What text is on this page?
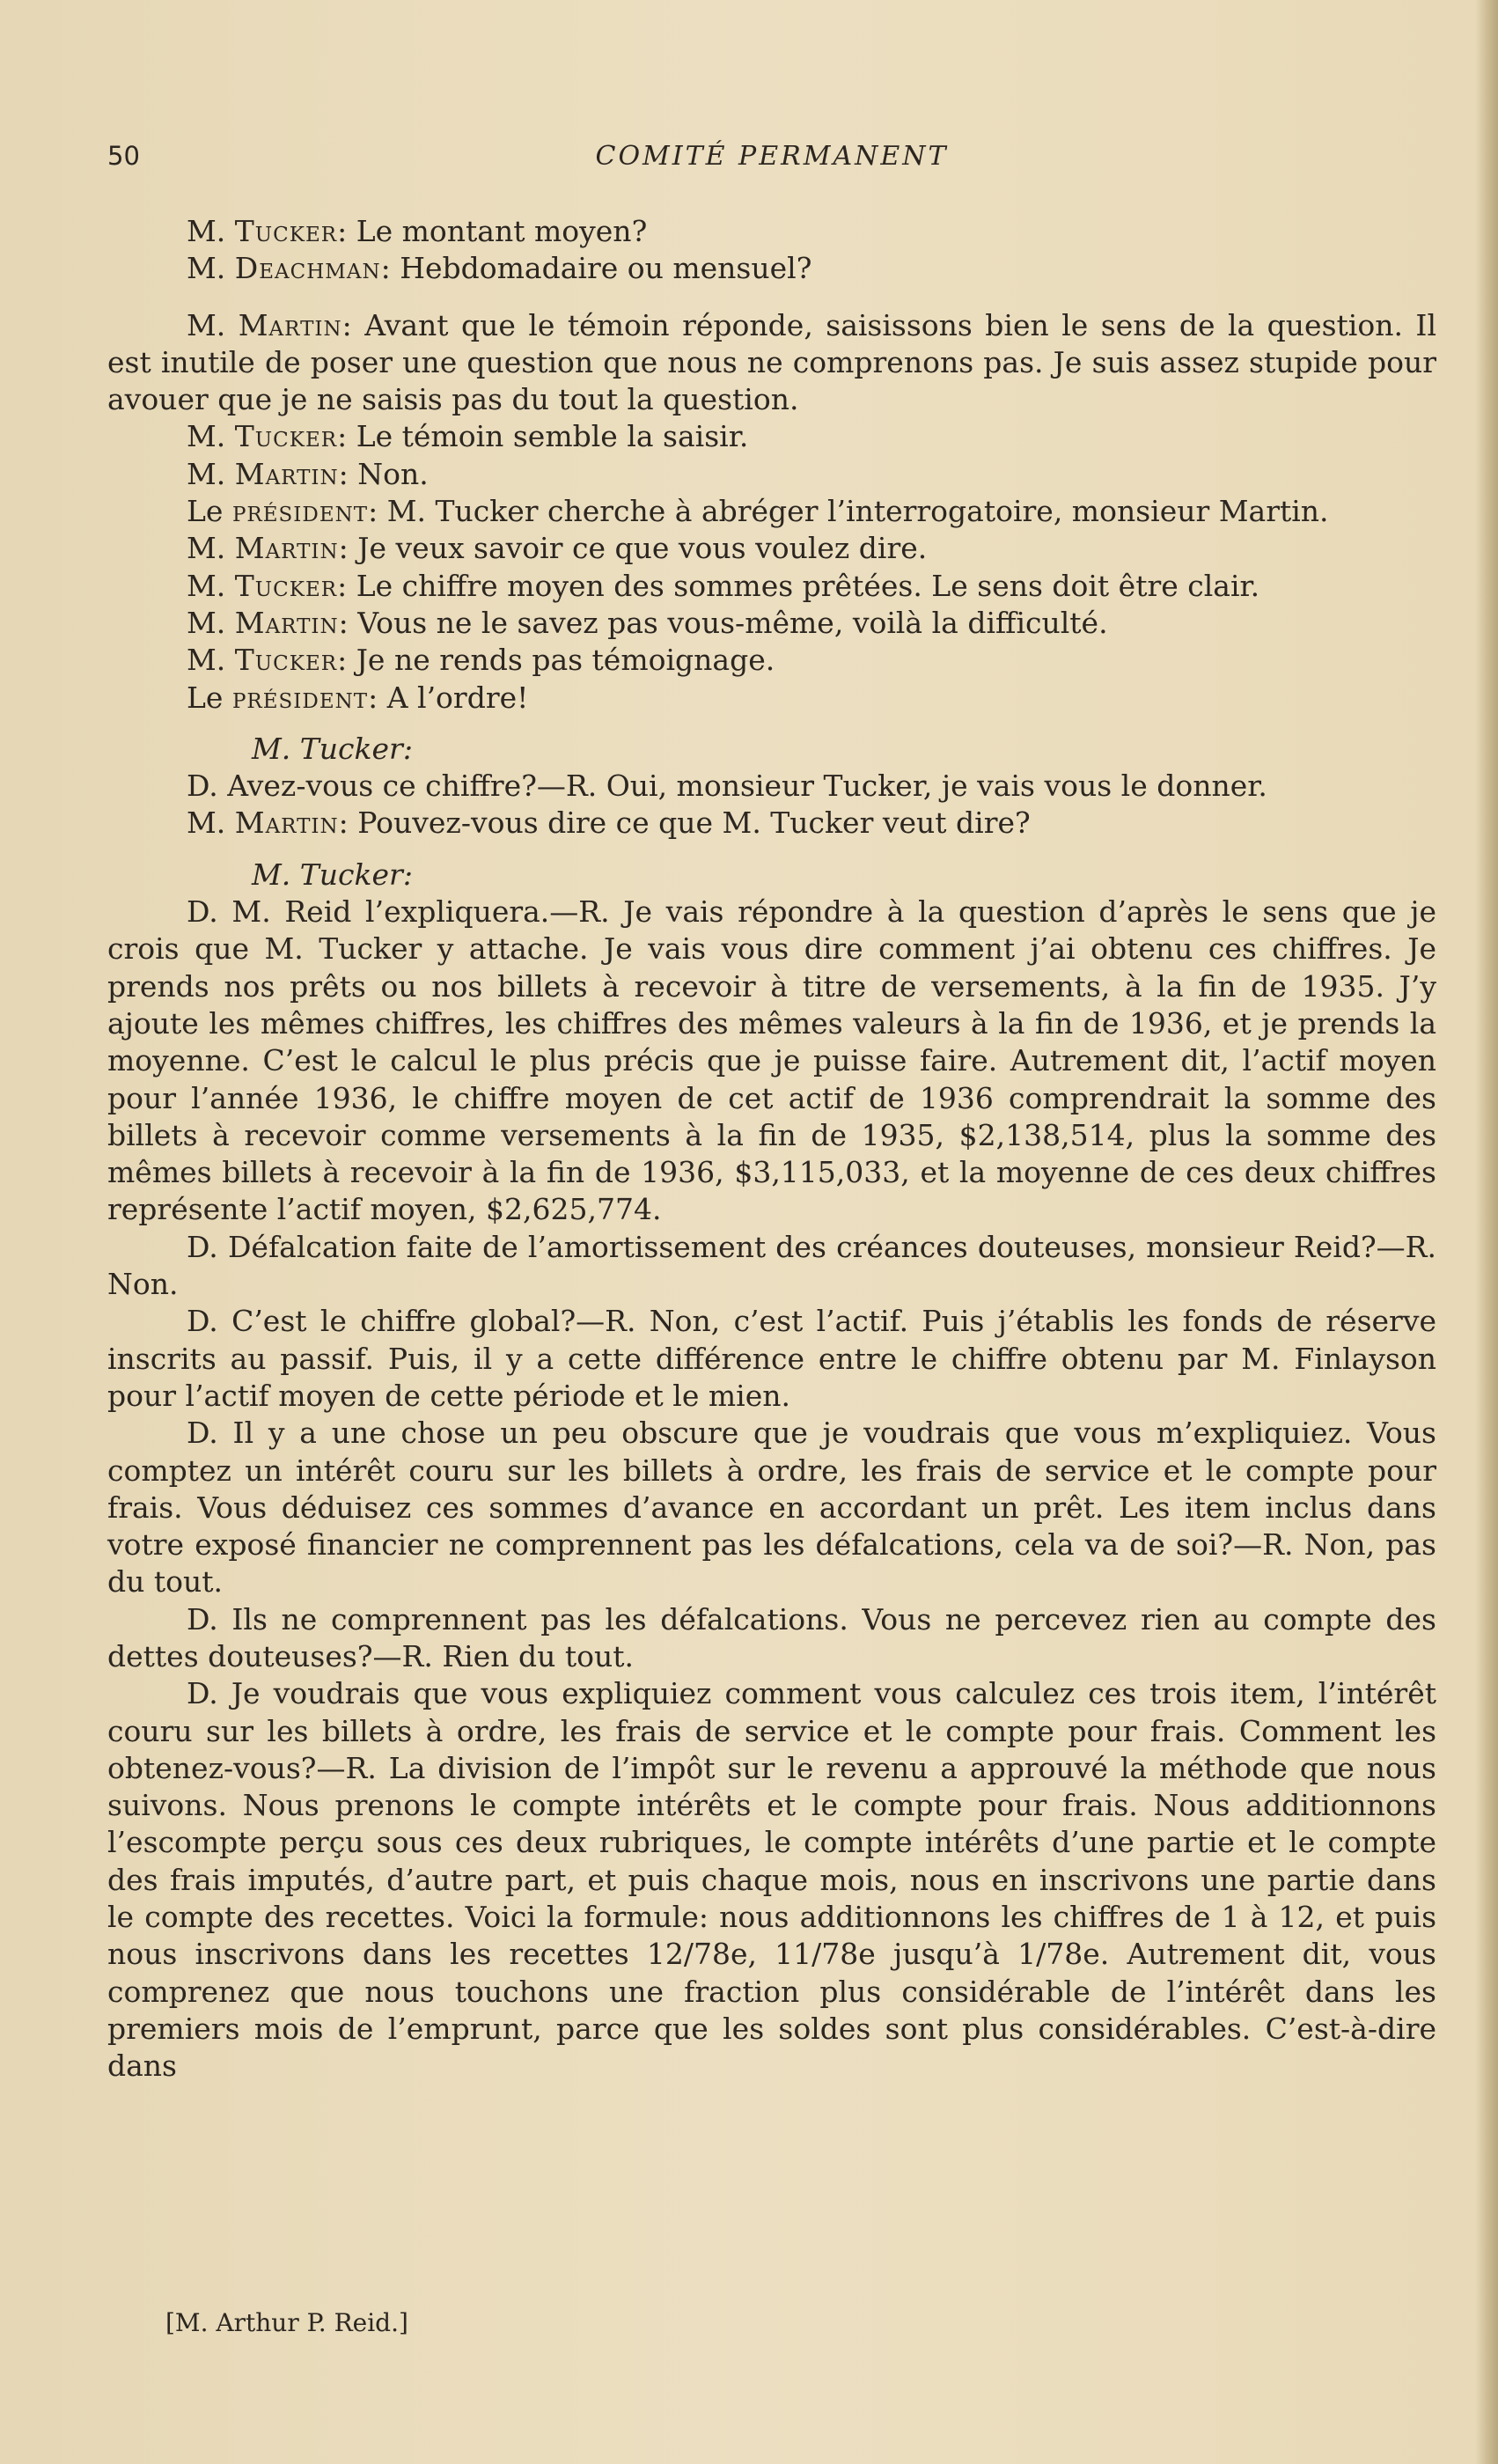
50	COMITÉ PERMANENT

M. Tucker: Le montant moyen?

M. Deachman: Hebdomadaire ou mensuel?

M. Martin: Avant que le témoin réponde, saisissons bien le sens de la question. Il est inutile de poser une question que nous ne comprenons pas. Je suis assez stupide pour avouer que je ne saisis pas du tout la question.

M. Tucker: Le témoin semble la saisir.

M. Martin: Non.

Le président: M. Tucker cherche à abréger l’interrogatoire, monsieur Martin.

M. Martin: Je veux savoir ce que vous voulez dire.

M. Tucker: Le chiffre moyen des sommes prêtées. Le sens doit être clair.

M. Martin: Vous ne le savez pas vous-même, voilà la difficulté.

M. Tucker: Je ne rends pas témoignage.

Le président: A l’ordre!

M. Tucker:

D. Avez-vous ce chiffre?—R. Oui, monsieur Tucker, je vais vous le donner.

M. Martin: Pouvez-vous dire ce que M. Tucker veut dire?

M. Tucker:

D. M. Reid l’expliquera.—R. Je vais répondre à la question d’après le sens que je crois que M. Tucker y attache. Je vais vous dire comment j’ai obtenu ces chiffres. Je prends nos prêts ou nos billets à recevoir à titre de versements, à la fin de 1935. J’y ajoute les mêmes chiffres, les chiffres des mêmes valeurs à la fin de 1936, et je prends la moyenne. C’est le calcul le plus précis que je puisse faire. Autrement dit, l’actif moyen pour l’année 1936, le chiffre moyen de cet actif de 1936 comprendrait la somme des billets à recevoir comme versements à la fin de 1935, $2,138,514, plus la somme des mêmes billets à recevoir à la fin de 1936, $3,115,033, et la moyenne de ces deux chiffres représente l’actif moyen, $2,625,774.

D. Défalcation faite de l’amortissement des créances douteuses, monsieur Reid?—R. Non.

D. C’est le chiffre global?—R. Non, c’est l’actif. Puis j’établis les fonds de réserve inscrits au passif. Puis, il y a cette différence entre le chiffre obtenu par M. Finlayson pour l’actif moyen de cette période et le mien.

D. Il y a une chose un peu obscure que je voudrais que vous m’expliquiez. Vous comptez un intérêt couru sur les billets à ordre, les frais de service et le compte pour frais. Vous déduisez ces sommes d’avance en accordant un prêt. Les item inclus dans votre exposé financier ne comprennent pas les défalcations, cela va de soi?—R. Non, pas du tout.

D. Ils ne comprennent pas les défalcations. Vous ne percevez rien au compte des dettes douteuses?—R. Rien du tout.

D. Je voudrais que vous expliquiez comment vous calculez ces trois item, l’intérêt couru sur les billets à ordre, les frais de service et le compte pour frais. Comment les obtenez-vous?—R. La division de l’impôt sur le revenu a approuvé la méthode que nous suivons. Nous prenons le compte intérêts et le compte pour frais. Nous additionnons l’escompte perçu sous ces deux rubriques, le compte intérêts d’une partie et le compte des frais imputés, d’autre part, et puis chaque mois, nous en inscrivons une partie dans le compte des recettes. Voici la formule: nous additionnons les chiffres de 1 à 12, et puis nous inscrivons dans les recettes 12/78e, 11/78e jusqu’à 1/78e. Autrement dit, vous comprenez que nous touchons une fraction plus considérable de l’intérêt dans les premiers mois de l’emprunt, parce que les soldes sont plus considérables. C’est-à-dire dans

[M. Arthur P. Reid.]
